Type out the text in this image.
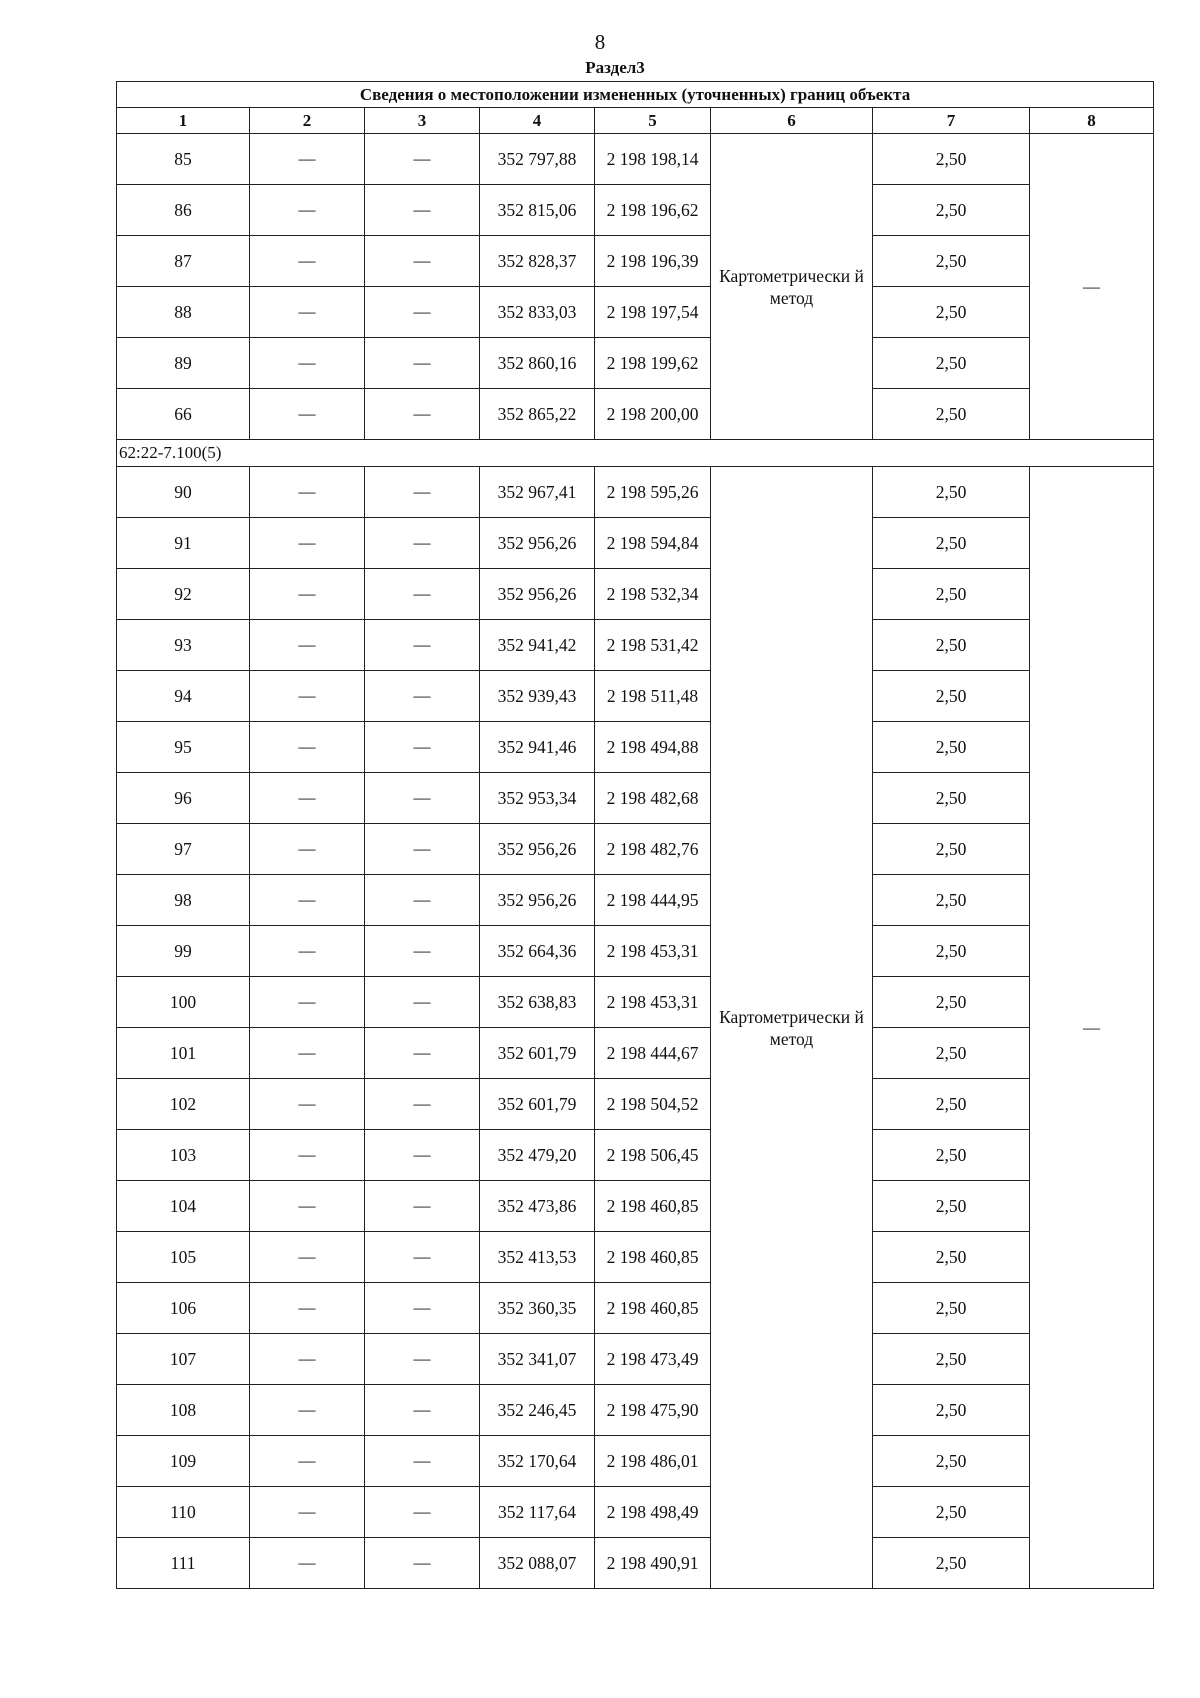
8
Раздел3
Сведения о местоположении измененных (уточненных) границ объекта							
1	2	3	4	5	6	7	8
85	—	—	352 797,88	2 198 198,14	Картометрически й метод	2,50	—
86	—	—	352 815,06	2 198 196,62		2,50	
87	—	—	352 828,37	2 198 196,39		2,50	
88	—	—	352 833,03	2 198 197,54		2,50	
89	—	—	352 860,16	2 198 199,62		2,50	
66	—	—	352 865,22	2 198 200,00		2,50	
62:22-7.100(5)							
90	—	—	352 967,41	2 198 595,26	Картометрически й метод	2,50	—
91	—	—	352 956,26	2 198 594,84		2,50	
92	—	—	352 956,26	2 198 532,34		2,50	
93	—	—	352 941,42	2 198 531,42		2,50	
94	—	—	352 939,43	2 198 511,48		2,50	
95	—	—	352 941,46	2 198 494,88		2,50	
96	—	—	352 953,34	2 198 482,68		2,50	
97	—	—	352 956,26	2 198 482,76		2,50	
98	—	—	352 956,26	2 198 444,95		2,50	
99	—	—	352 664,36	2 198 453,31		2,50	
100	—	—	352 638,83	2 198 453,31		2,50	
101	—	—	352 601,79	2 198 444,67		2,50	
102	—	—	352 601,79	2 198 504,52		2,50	
103	—	—	352 479,20	2 198 506,45		2,50	
104	—	—	352 473,86	2 198 460,85		2,50	
105	—	—	352 413,53	2 198 460,85		2,50	
106	—	—	352 360,35	2 198 460,85		2,50	
107	—	—	352 341,07	2 198 473,49		2,50	
108	—	—	352 246,45	2 198 475,90		2,50	
109	—	—	352 170,64	2 198 486,01		2,50	
110	—	—	352 117,64	2 198 498,49		2,50	
111	—	—	352 088,07	2 198 490,91		2,50	
